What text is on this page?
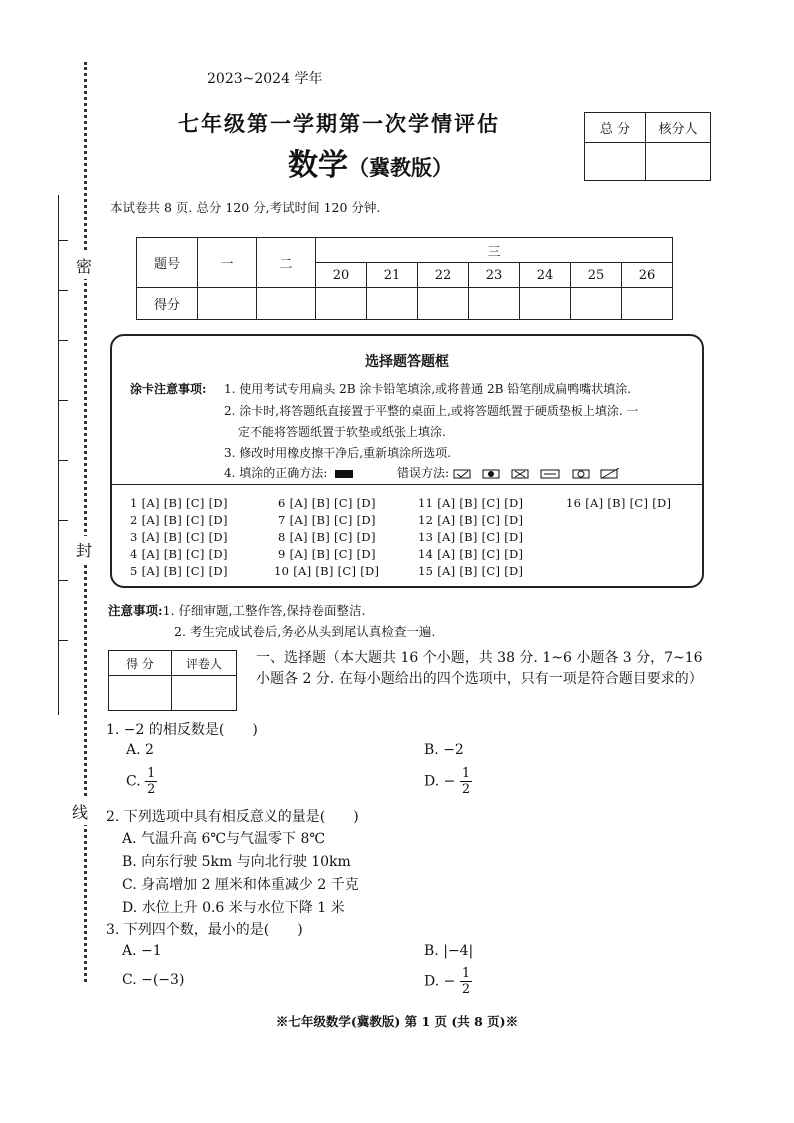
密
封
线
2023~2024 学年
七年级第一学期第一次学情评估
数学（冀教版）
总 分	核分人

本试卷共 8 页. 总分 120 分,考试时间 120 分钟.
题号	一	二	三						
			20	21	22	23	24	25	26
得分									
选择题答题框
涂卡注意事项: 1. 使用考试专用扁头 2B 涂卡铅笔填涂,或将普通 2B 铅笔削成扁鸭嘴状填涂.
2. 涂卡时,将答题纸直接置于平整的桌面上,或将答题纸置于硬质垫板上填涂. 一
定不能将答题纸置于软垫或纸张上填涂.
3. 修改时用橡皮擦干净后,重新填涂所选项.
4. 填涂的正确方法:	错误方法:
1 [A] [B] [C] [D]
2 [A] [B] [C] [D]
3 [A] [B] [C] [D]
4 [A] [B] [C] [D]
5 [A] [B] [C] [D]
6 [A] [B] [C] [D]
7 [A] [B] [C] [D]
8 [A] [B] [C] [D]
9 [A] [B] [C] [D]
10 [A] [B] [C] [D]
11 [A] [B] [C] [D]
12 [A] [B] [C] [D]
13 [A] [B] [C] [D]
14 [A] [B] [C] [D]
15 [A] [B] [C] [D]
16 [A] [B] [C] [D]
注意事项:1. 仔细审题,工整作答,保持卷面整洁.
2. 考生完成试卷后,务必从头到尾认真检查一遍.
得 分	评卷人
	一、选择题（本大题共 16 个小题，共 38 分. 1~6 小题各 3 分，7~16 小题各 2 分. 在每小题给出的四个选项中，只有一项是符合题目要求的）
1. −2 的相反数是(　　)
A. 2	B. −2
C. $\frac{1}{2}$	D. − $\frac{1}{2}$
2. 下列选项中具有相反意义的量是(　　)
A. 气温升高 6℃与气温零下 8℃
B. 向东行驶 5km 与向北行驶 10km
C. 身高增加 2 厘米和体重减少 2 千克
D. 水位上升 0.6 米与水位下降 1 米
3. 下列四个数，最小的是(　　)
A. −1	B. |−4|
C. −(−3)	D. − $\frac{1}{2}$
※七年级数学(冀教版) 第 1 页 (共 8 页)※
